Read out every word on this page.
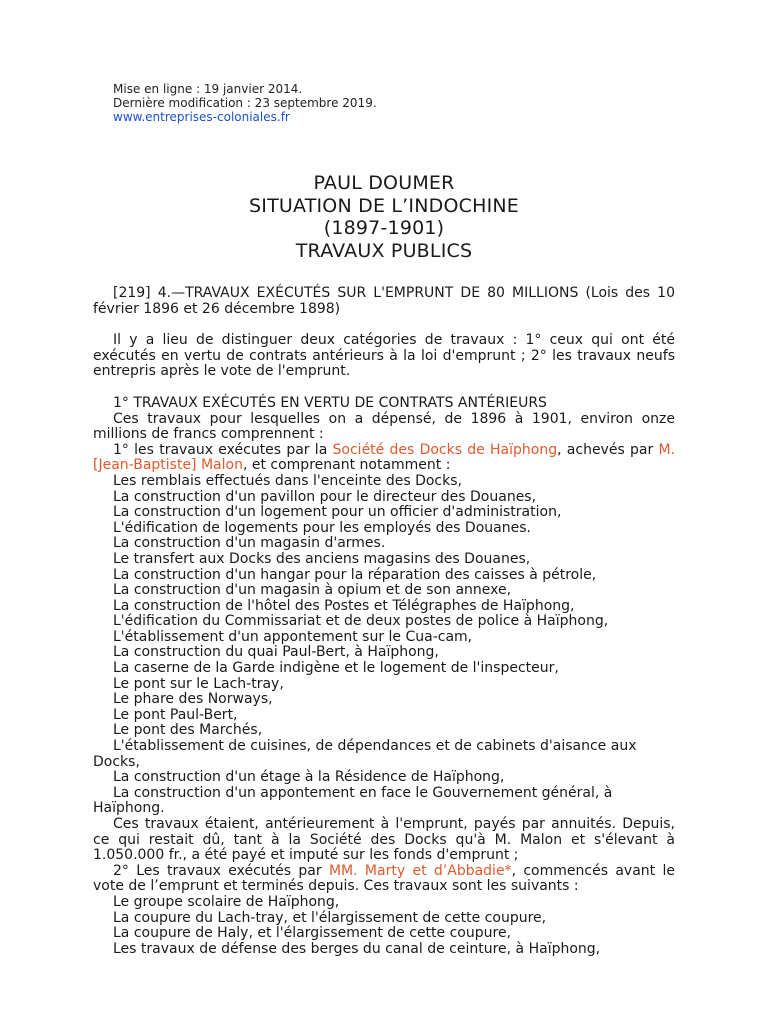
Mise en ligne : 19 janvier 2014.
Dernière modification : 23 septembre 2019.
www.entreprises-coloniales.fr
PAUL DOUMER
SITUATION DE L’INDOCHINE
(1897-1901)
TRAVAUX PUBLICS

[219] 4.—TRAVAUX EXÉCUTÉS SUR L'EMPRUNT DE 80 MILLIONS (Lois des 10 février 1896 et 26 décembre 1898)

Il y a lieu de distinguer deux catégories de travaux : 1° ceux qui ont été exécutés en vertu de contrats antérieurs à la loi d'emprunt ; 2° les travaux neufs entrepris après le vote de l'emprunt.

1° TRAVAUX EXÉCUTÉS EN VERTU DE CONTRATS ANTÉRIEURS

Ces travaux pour lesquelles on a dépensé, de 1896 à 1901, environ onze millions de francs comprennent :

1° les travaux exécutes par la Société des Docks de Haïphong, achevés par M. [Jean-Baptiste] Malon, et comprenant notamment :

Les remblais effectués dans l'enceinte des Docks,

La construction d'un pavillon pour le directeur des Douanes,

La construction d'un logement pour un officier d'administration,

L'édification de logements pour les employés des Douanes.

La construction d'un magasin d'armes.

Le transfert aux Docks des anciens magasins des Douanes,

La construction d'un hangar pour la réparation des caisses à pétrole,

La construction d'un magasin à opium et de son annexe,

La construction de l'hôtel des Postes et Télégraphes de Haïphong,

L'édification du Commissariat et de deux postes de police à Haïphong,

L'établissement d'un appontement sur le Cua-cam,

La construction du quai Paul-Bert, à Haïphong,

La caserne de la Garde indigène et le logement de l'inspecteur,

Le pont sur le Lach-tray,

Le phare des Norways,

Le pont Paul-Bert,

Le pont des Marchés,

L'établissement de cuisines, de dépendances et de cabinets d'aisance aux Docks,

La construction d'un étage à la Résidence de Haïphong,

La construction d'un appontement en face le Gouvernement général, à Haïphong.

Ces travaux étaient, antérieurement à l'emprunt, payés par annuités. Depuis, ce qui restait dû, tant à la Société des Docks qu'à M. Malon et s'élevant à 1.050.000 fr., a été payé et imputé sur les fonds d'emprunt ;

2° Les travaux exécutés par MM. Marty et d’Abbadie*, commencés avant le vote de l’emprunt et terminés depuis. Ces travaux sont les suivants :

Le groupe scolaire de Haïphong,

La coupure du Lach-tray, et l'élargissement de cette coupure,

La coupure de Haly, et l'élargissement de cette coupure,

Les travaux de défense des berges du canal de ceinture, à Haïphong,
